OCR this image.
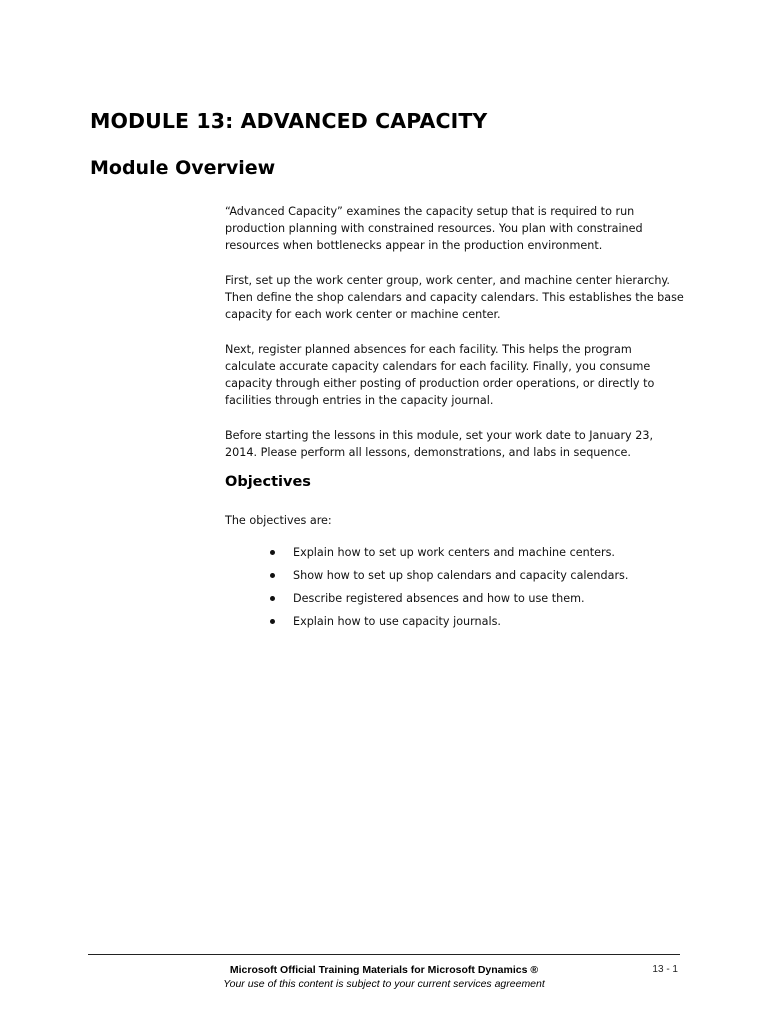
MODULE 13: ADVANCED CAPACITY
Module Overview

“Advanced Capacity” examines the capacity setup that is required to run production planning with constrained resources. You plan with constrained resources when bottlenecks appear in the production environment.

First, set up the work center group, work center, and machine center hierarchy. Then define the shop calendars and capacity calendars. This establishes the base capacity for each work center or machine center.

Next, register planned absences for each facility. This helps the program calculate accurate capacity calendars for each facility. Finally, you consume capacity through either posting of production order operations, or directly to facilities through entries in the capacity journal.

Before starting the lessons in this module, set your work date to January 23, 2014. Please perform all lessons, demonstrations, and labs in sequence.

Objectives

The objectives are:

Explain how to set up work centers and machine centers.
Show how to set up shop calendars and capacity calendars.
Describe registered absences and how to use them.
Explain how to use capacity journals.
Microsoft Official Training Materials for Microsoft Dynamics ®
Your use of this content is subject to your current services agreement
13 - 1
